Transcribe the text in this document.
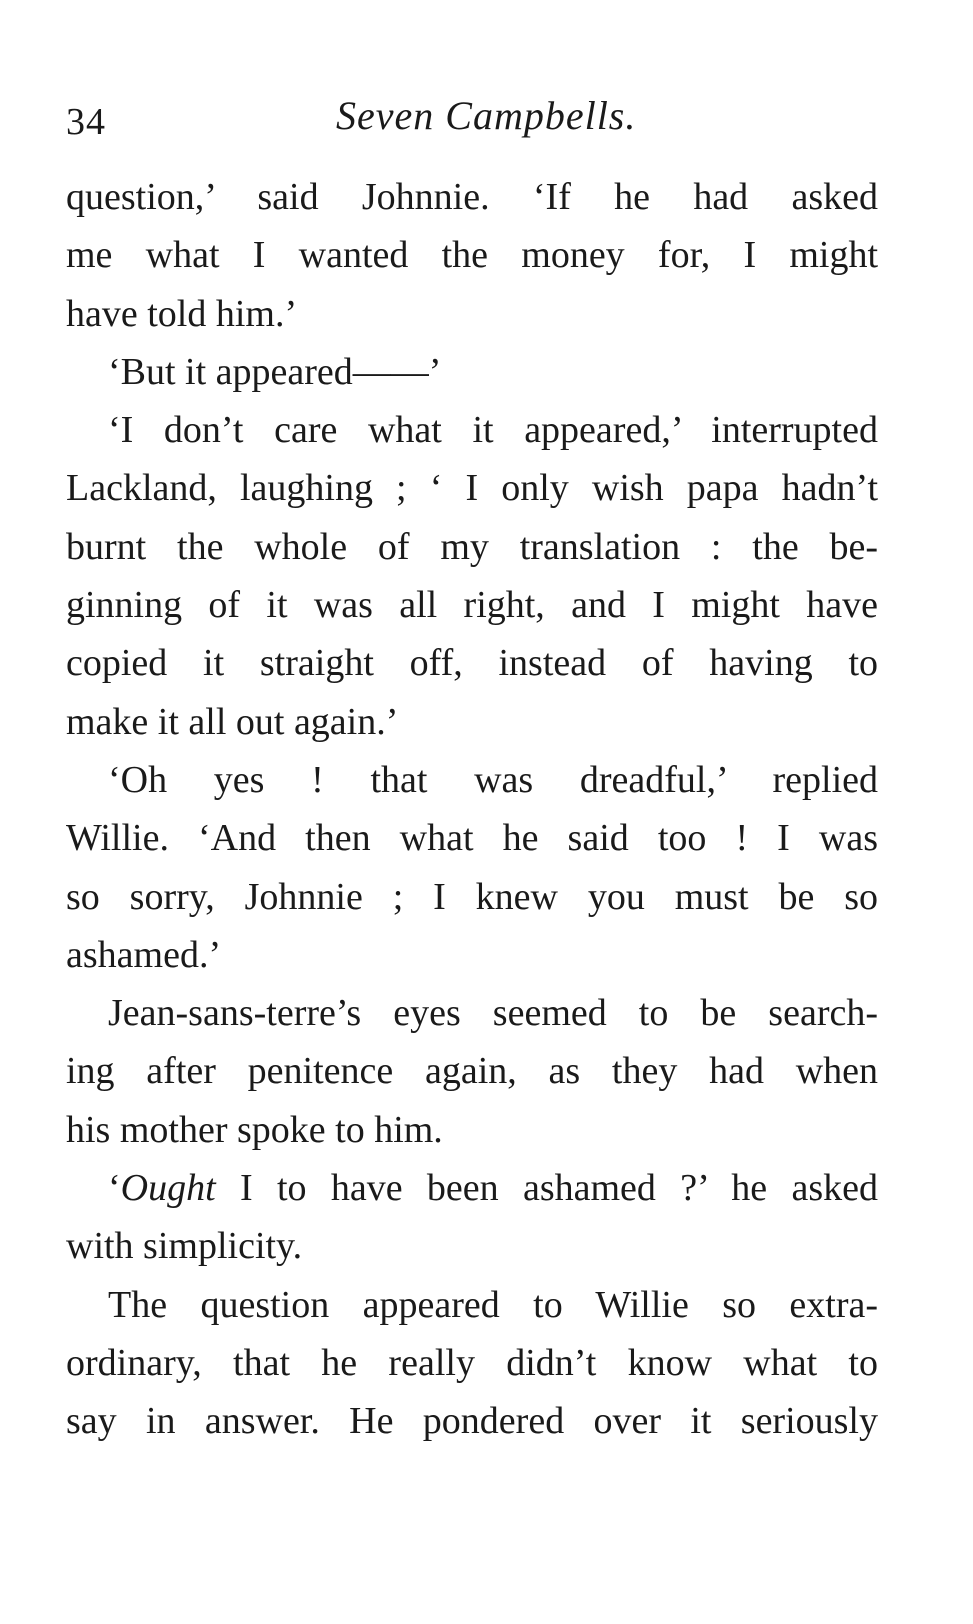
34	Seven Campbells.
question,’ said Johnnie. ‘If he had asked
me what I wanted the money for, I might
have told him.’
‘But it appeared——’
‘I don’t care what it appeared,’ interrupted
Lackland, laughing ; ‘ I only wish papa hadn’t
burnt the whole of my translation : the be-
ginning of it was all right, and I might have
copied it straight off, instead of having to
make it all out again.’
‘Oh yes ! that was dreadful,’ replied
Willie. ‘And then what he said too ! I was
so sorry, Johnnie ; I knew you must be so
ashamed.’
Jean-sans-terre’s eyes seemed to be search-
ing after penitence again, as they had when
his mother spoke to him.
‘Ought I to have been ashamed ?’ he asked
with simplicity.
The question appeared to Willie so extra-
ordinary, that he really didn’t know what to
say in answer. He pondered over it seriously
